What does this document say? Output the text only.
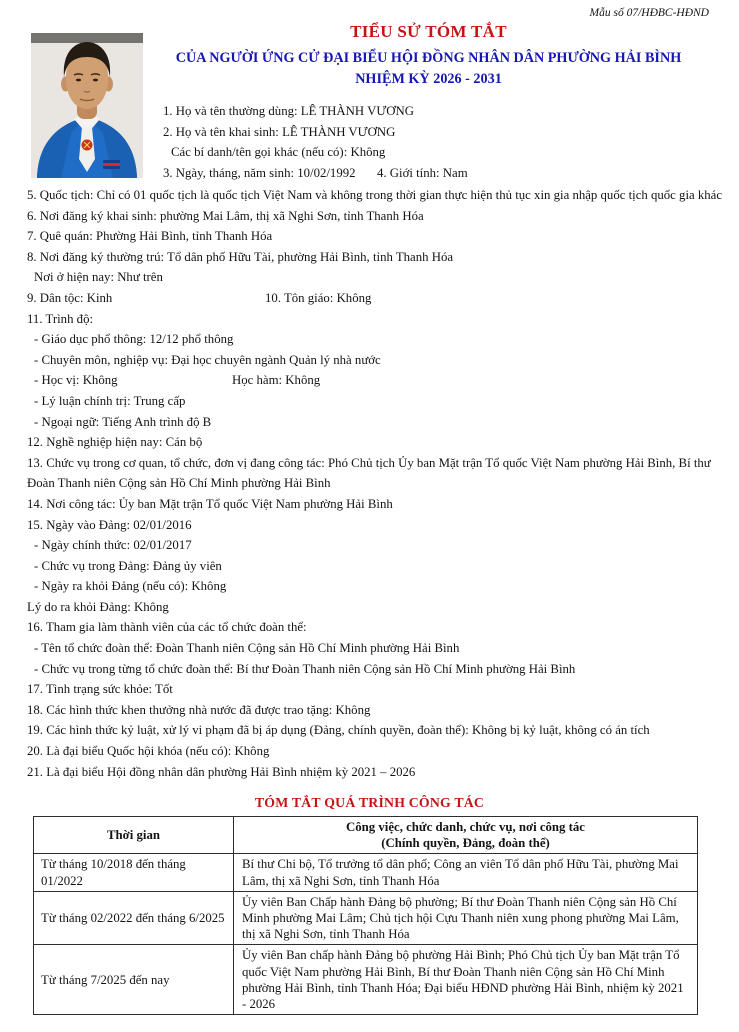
Mẫu số 07/HĐBC-HĐND
TIỂU SỬ TÓM TẮT
CỦA NGƯỜI ỨNG CỬ ĐẠI BIỂU HỘI ĐỒNG NHÂN DÂN PHƯỜNG HẢI BÌNH
NHIỆM KỲ 2026 - 2031
1. Họ và tên thường dùng: LÊ THÀNH VƯƠNG
2. Họ và tên khai sinh: LÊ THÀNH VƯƠNG
Các bí danh/tên gọi khác (nếu có): Không
3. Ngày, tháng, năm sinh: 10/02/1992 4. Giới tính: Nam
5. Quốc tịch: Chỉ có 01 quốc tịch là quốc tịch Việt Nam và không trong thời gian thực hiện thủ tục xin gia nhập quốc tịch quốc gia khác
6. Nơi đăng ký khai sinh: phường Mai Lâm, thị xã Nghi Sơn, tỉnh Thanh Hóa
7. Quê quán: Phường Hải Bình, tỉnh Thanh Hóa
8. Nơi đăng ký thường trú: Tổ dân phố Hữu Tài, phường Hải Bình, tỉnh Thanh Hóa
Nơi ở hiện nay: Như trên
9. Dân tộc: Kinh	10. Tôn giáo: Không
11. Trình độ:
- Giáo dục phổ thông: 12/12 phổ thông
- Chuyên môn, nghiệp vụ: Đại học chuyên ngành Quản lý nhà nước
- Học vị: Không	Học hàm: Không
- Lý luận chính trị: Trung cấp
- Ngoại ngữ: Tiếng Anh trình độ B
12. Nghề nghiệp hiện nay: Cán bộ
13. Chức vụ trong cơ quan, tổ chức, đơn vị đang công tác: Phó Chủ tịch Ủy ban Mặt trận Tổ quốc Việt Nam phường Hải Bình, Bí thư Đoàn Thanh niên Cộng sản Hồ Chí Minh phường Hải Bình
14. Nơi công tác: Ủy ban Mặt trận Tổ quốc Việt Nam phường Hải Bình
15. Ngày vào Đảng: 02/01/2016
- Ngày chính thức: 02/01/2017
- Chức vụ trong Đảng: Đảng ủy viên
- Ngày ra khỏi Đảng (nếu có): Không
Lý do ra khỏi Đảng: Không
16. Tham gia làm thành viên của các tổ chức đoàn thể:
- Tên tổ chức đoàn thể: Đoàn Thanh niên Cộng sản Hồ Chí Minh phường Hải Bình
- Chức vụ trong từng tổ chức đoàn thể: Bí thư Đoàn Thanh niên Cộng sản Hồ Chí Minh phường Hải Bình
17. Tình trạng sức khỏe: Tốt
18. Các hình thức khen thưởng nhà nước đã được trao tặng: Không
19. Các hình thức kỷ luật, xử lý vi phạm đã bị áp dụng (Đảng, chính quyền, đoàn thể): Không bị kỷ luật, không có án tích
20. Là đại biểu Quốc hội khóa (nếu có): Không
21. Là đại biểu Hội đồng nhân dân phường Hải Bình nhiệm kỳ 2021 – 2026
TÓM TẮT QUÁ TRÌNH CÔNG TÁC
Thời gian	Công việc, chức danh, chức vụ, nơi công tác
(Chính quyền, Đảng, đoàn thể)

Từ tháng 10/2018 đến tháng 01/2022	Bí thư Chi bộ, Tổ trưởng tổ dân phố; Công an viên Tổ dân phố Hữu Tài, phường Mai Lâm, thị xã Nghi Sơn, tỉnh Thanh Hóa
Từ tháng 02/2022 đến tháng 6/2025	Ủy viên Ban Chấp hành Đảng bộ phường; Bí thư Đoàn Thanh niên Cộng sản Hồ Chí Minh phường Mai Lâm; Chủ tịch hội Cựu Thanh niên xung phong phường Mai Lâm, thị xã Nghi Sơn, tỉnh Thanh Hóa
Từ tháng 7/2025 đến nay	Ủy viên Ban chấp hành Đảng bộ phường Hải Bình; Phó Chủ tịch Ủy ban Mặt trận Tổ quốc Việt Nam phường Hải Bình, Bí thư Đoàn Thanh niên Cộng sản Hồ Chí Minh phường Hải Bình, tỉnh Thanh Hóa; Đại biểu HĐND phường Hải Bình, nhiệm kỳ 2021 - 2026
